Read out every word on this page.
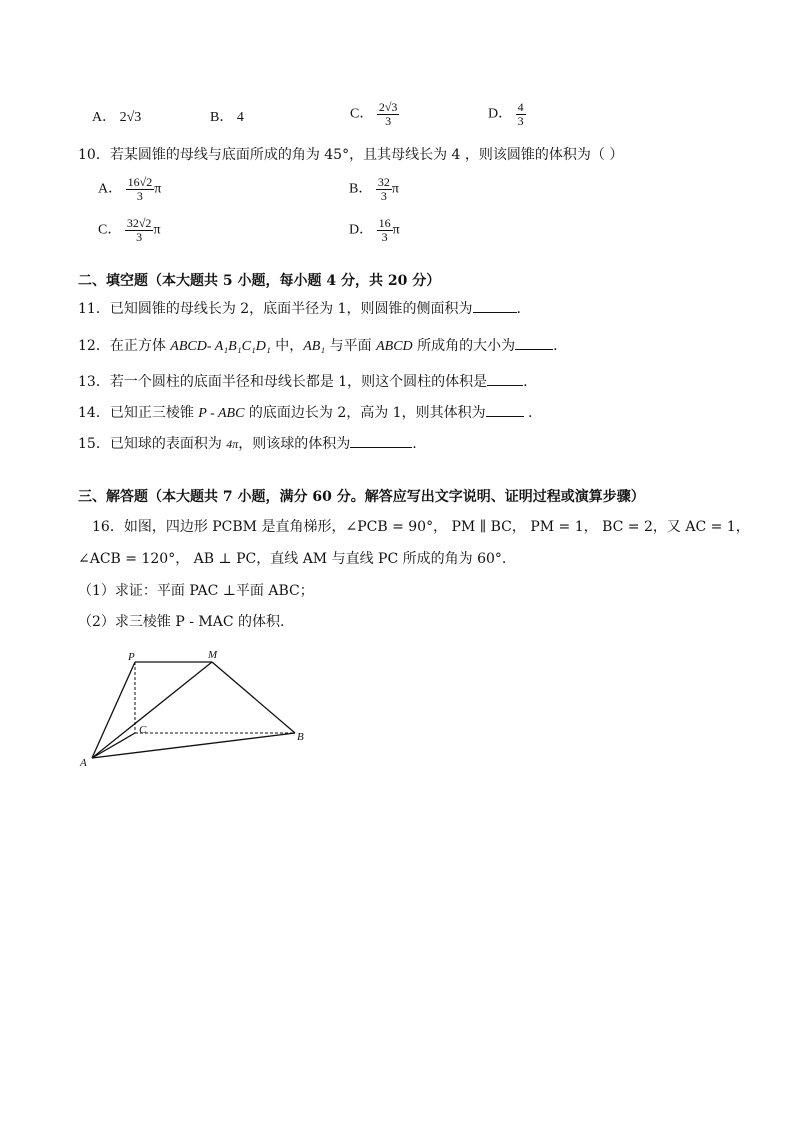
A． 2√3	B． 4	C． $\frac{2√3}{3}$	D． $\frac{4}{3}$
10．若某圆锥的母线与底面所成的角为 45°，且其母线长为 4 ，则该圆锥的体积为（ ）
A． $\frac{16√2}{3}$ π	B． $\frac{32}{3}$ π
C． $\frac{32√2}{3}$ π	D． $\frac{16}{3}$ π
二、填空题（本大题共 5 小题，每小题 4 分，共 20 分）
11．已知圆锥的母线长为 2，底面半径为 1，则圆锥的侧面积为	.
12．在正方体 ABCD- A₁B₁C₁D₁ 中，AB₁ 与平面 ABCD 所成角的大小为	.
13．若一个圆柱的底面半径和母线长都是 1，则这个圆柱的体积是	.
14．已知正三棱锥 P - ABC 的底面边长为 2，高为 1，则其体积为	.
15．已知球的表面积为 4π，则该球的体积为	.
三、解答题（本大题共 7 小题，满分 60 分。解答应写出文字说明、证明过程或演算步骤）
16．如图，四边形 PCBM 是直角梯形，∠PCB = 90°， PM ∥ BC， PM = 1， BC = 2，又 AC = 1，
∠ACB = 120°， AB ⊥ PC，直线 AM 与直线 PC 所成的角为 60°.
（1）求证：平面 PAC ⊥平面 ABC；
（2）求三棱锥 P - MAC 的体积.
P	M
C
B
A
